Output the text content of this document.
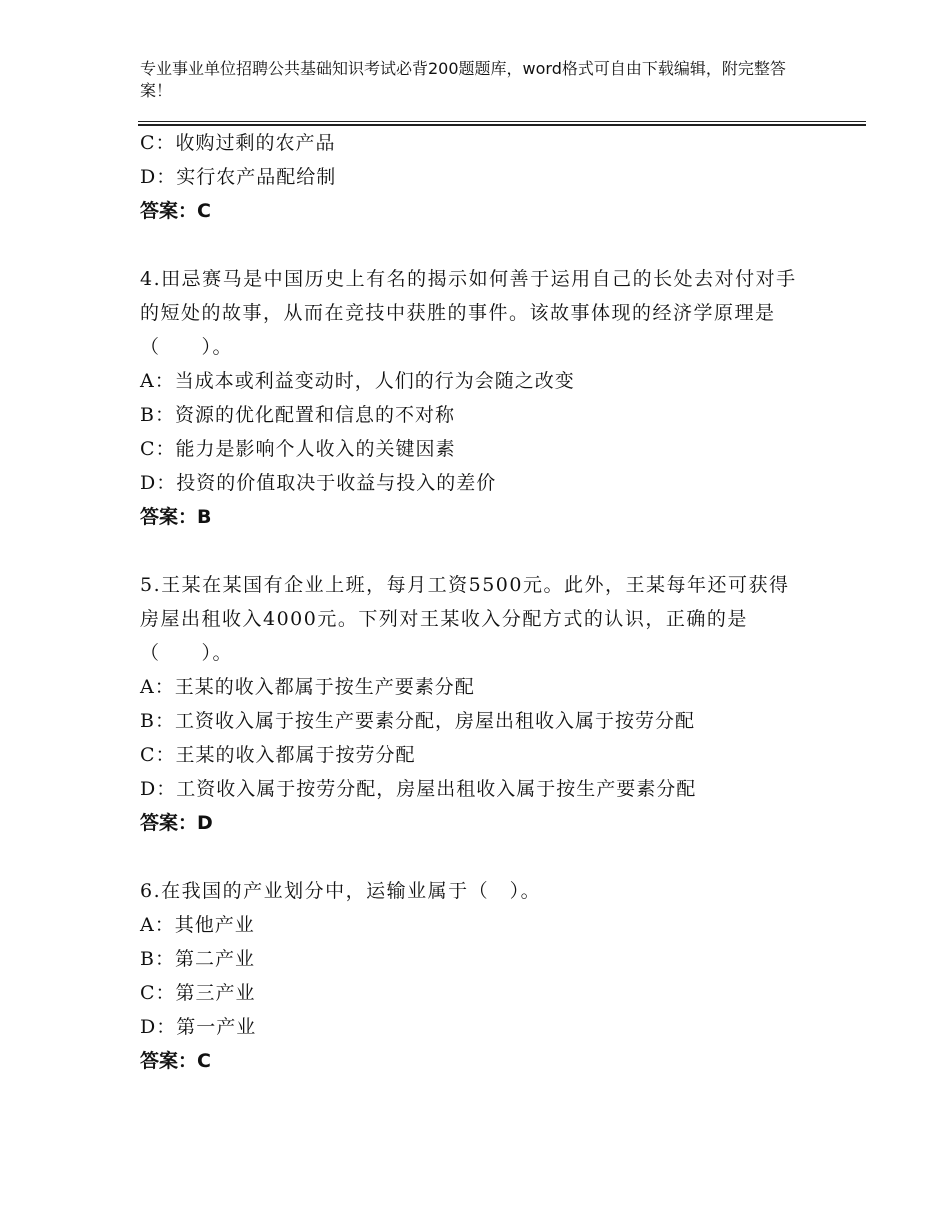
专业事业单位招聘公共基础知识考试必背200题题库，word格式可自由下载编辑，附完整答案！

C：收购过剩的农产品

D：实行农产品配给制

答案：C

4.田忌赛马是中国历史上有名的揭示如何善于运用自己的长处去对付对手的短处的故事，从而在竞技中获胜的事件。该故事体现的经济学原理是（　　）。

A：当成本或利益变动时，人们的行为会随之改变

B：资源的优化配置和信息的不对称

C：能力是影响个人收入的关键因素

D：投资的价值取决于收益与投入的差价

答案：B

5.王某在某国有企业上班，每月工资5500元。此外，王某每年还可获得房屋出租收入4000元。下列对王某收入分配方式的认识，正确的是（　　）。

A：王某的收入都属于按生产要素分配

B：工资收入属于按生产要素分配，房屋出租收入属于按劳分配

C：王某的收入都属于按劳分配

D：工资收入属于按劳分配，房屋出租收入属于按生产要素分配

答案：D

6.在我国的产业划分中，运输业属于（　）。

A：其他产业

B：第二产业

C：第三产业

D：第一产业

答案：C
